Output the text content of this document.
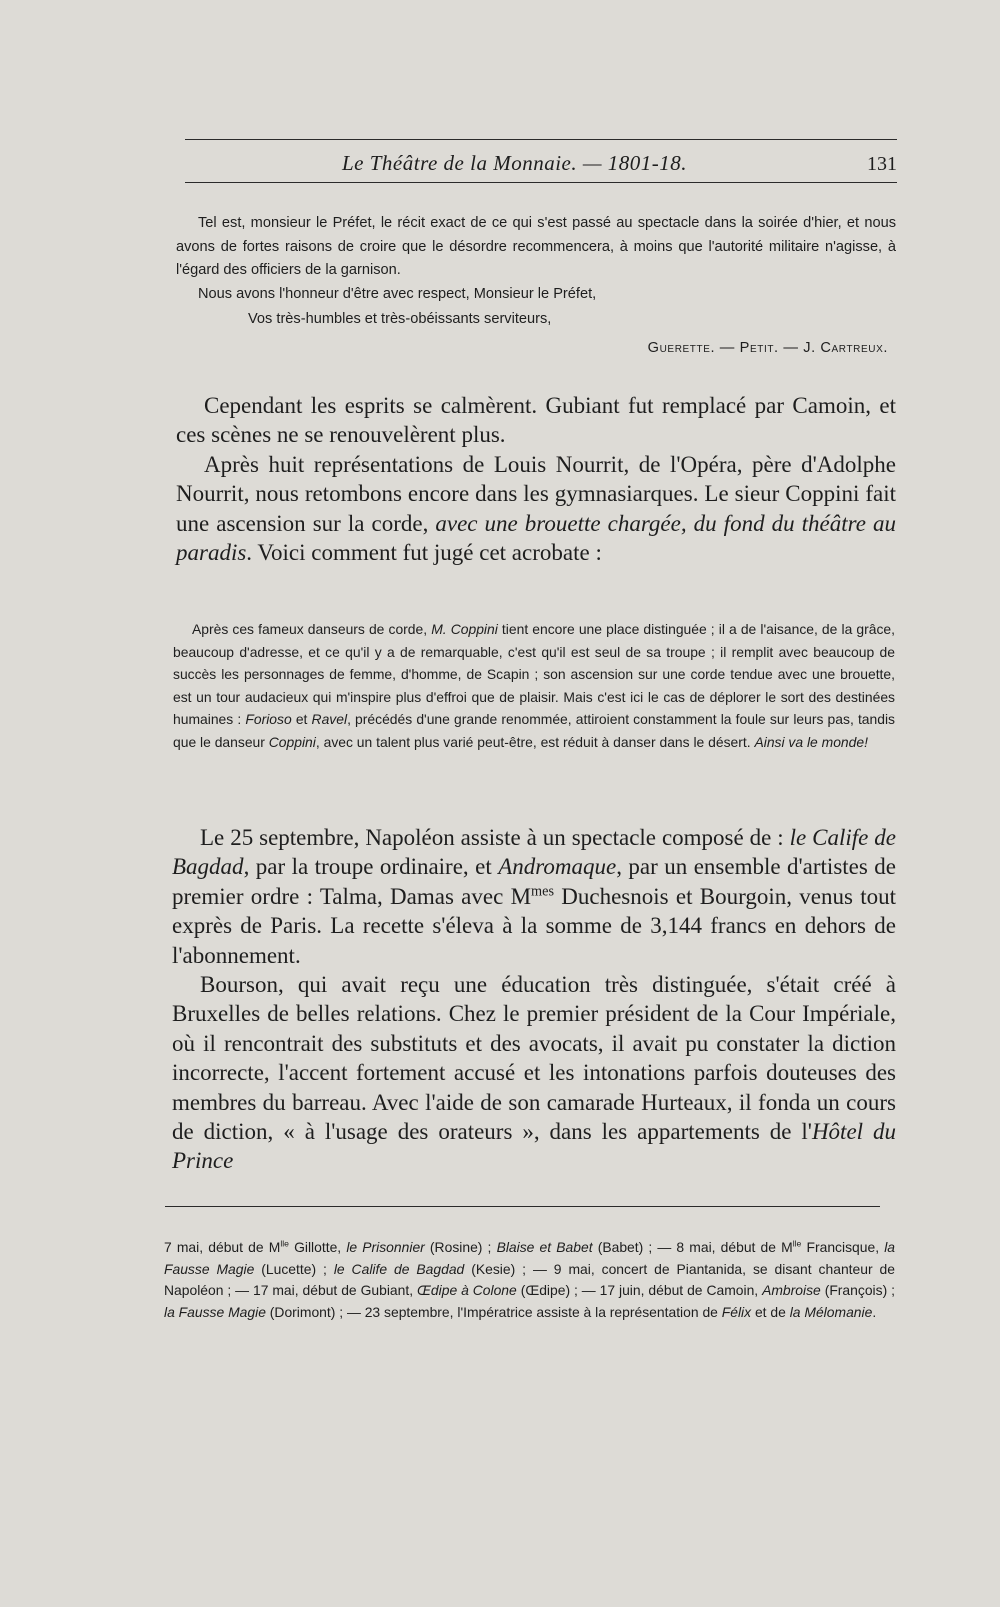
Le Théâtre de la Monnaie. — 1801-18.	131

Tel est, monsieur le Préfet, le récit exact de ce qui s'est passé au spectacle dans la soirée d'hier, et nous avons de fortes raisons de croire que le désordre recommencera, à moins que l'autorité militaire n'agisse, à l'égard des officiers de la garnison.

Nous avons l'honneur d'être avec respect, Monsieur le Préfet,

Vos très-humbles et très-obéissants serviteurs,

Guerette. — Petit. — J. Cartreux.

Cependant les esprits se calmèrent. Gubiant fut remplacé par Camoin, et ces scènes ne se renouvelèrent plus.

Après huit représentations de Louis Nourrit, de l'Opéra, père d'Adolphe Nourrit, nous retombons encore dans les gymnasiarques. Le sieur Coppini fait une ascension sur la corde, avec une brouette chargée, du fond du théâtre au paradis. Voici comment fut jugé cet acrobate :

Après ces fameux danseurs de corde, M. Coppini tient encore une place distinguée ; il a de l'aisance, de la grâce, beaucoup d'adresse, et ce qu'il y a de remarquable, c'est qu'il est seul de sa troupe ; il remplit avec beaucoup de succès les personnages de femme, d'homme, de Scapin ; son ascension sur une corde tendue avec une brouette, est un tour audacieux qui m'inspire plus d'effroi que de plaisir. Mais c'est ici le cas de déplorer le sort des destinées humaines : Forioso et Ravel, précédés d'une grande renommée, attiroient constamment la foule sur leurs pas, tandis que le danseur Coppini, avec un talent plus varié peut-être, est réduit à danser dans le désert. Ainsi va le monde!

Le 25 septembre, Napoléon assiste à un spectacle composé de : le Calife de Bagdad, par la troupe ordinaire, et Andromaque, par un ensemble d'artistes de premier ordre : Talma, Damas avec $M^{mes}$ Duchesnois et Bourgoin, venus tout exprès de Paris. La recette s'éleva à la somme de 3,144 francs en dehors de l'abonnement.

Bourson, qui avait reçu une éducation très distinguée, s'était créé à Bruxelles de belles relations. Chez le premier président de la Cour Impériale, où il rencontrait des substituts et des avocats, il avait pu constater la diction incorrecte, l'accent fortement accusé et les intonations parfois douteuses des membres du barreau. Avec l'aide de son camarade Hurteaux, il fonda un cours de diction, « à l'usage des orateurs », dans les appartements de l'Hôtel du Prince

7 mai, début de $M^{lle}$ Gillotte, le Prisonnier (Rosine) ; Blaise et Babet (Babet) ; — 8 mai, début de $M^{lle}$ Francisque, la Fausse Magie (Lucette) ; le Calife de Bagdad (Kesie) ; — 9 mai, concert de Piantanida, se disant chanteur de Napoléon ; — 17 mai, début de Gubiant, Œdipe à Colone (Œdipe) ; — 17 juin, début de Camoin, Ambroise (François) ; la Fausse Magie (Dorimont) ; — 23 septembre, l'Impératrice assiste à la représentation de Félix et de la Mélomanie.
